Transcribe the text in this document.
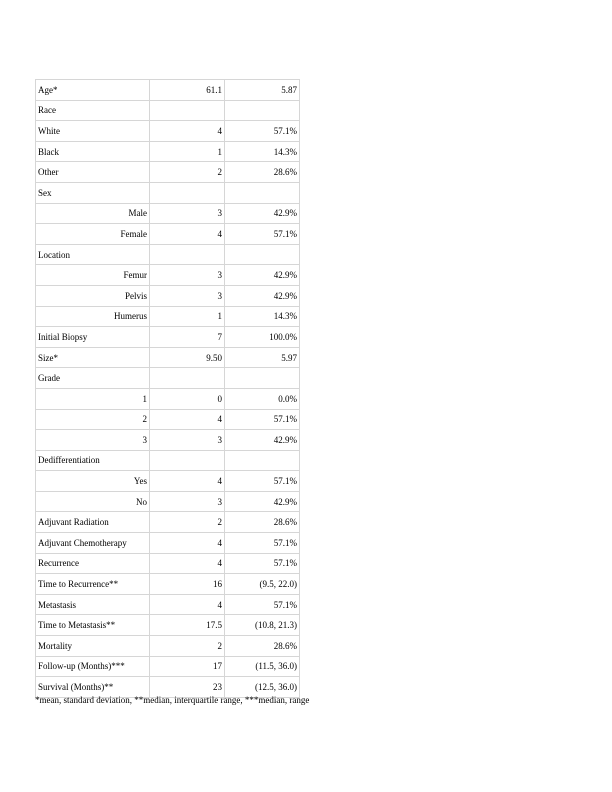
Age*	61.1	5.87
Race		
White	4	57.1%
Black	1	14.3%
Other	2	28.6%
Sex		
Male	3	42.9%
Female	4	57.1%
Location		
Femur	3	42.9%
Pelvis	3	42.9%
Humerus	1	14.3%
Initial Biopsy	7	100.0%
Size*	9.50	5.97
Grade		
1	0	0.0%
2	4	57.1%
3	3	42.9%
Dedifferentiation		
Yes	4	57.1%
No	3	42.9%
Adjuvant Radiation	2	28.6%
Adjuvant Chemotherapy	4	57.1%
Recurrence	4	57.1%
Time to Recurrence**	16	(9.5, 22.0)
Metastasis	4	57.1%
Time to Metastasis**	17.5	(10.8, 21.3)
Mortality	2	28.6%
Follow-up (Months)***	17	(11.5, 36.0)
Survival (Months)**	23	(12.5, 36.0)
*mean, standard deviation, **median, interquartile range, ***median, range
